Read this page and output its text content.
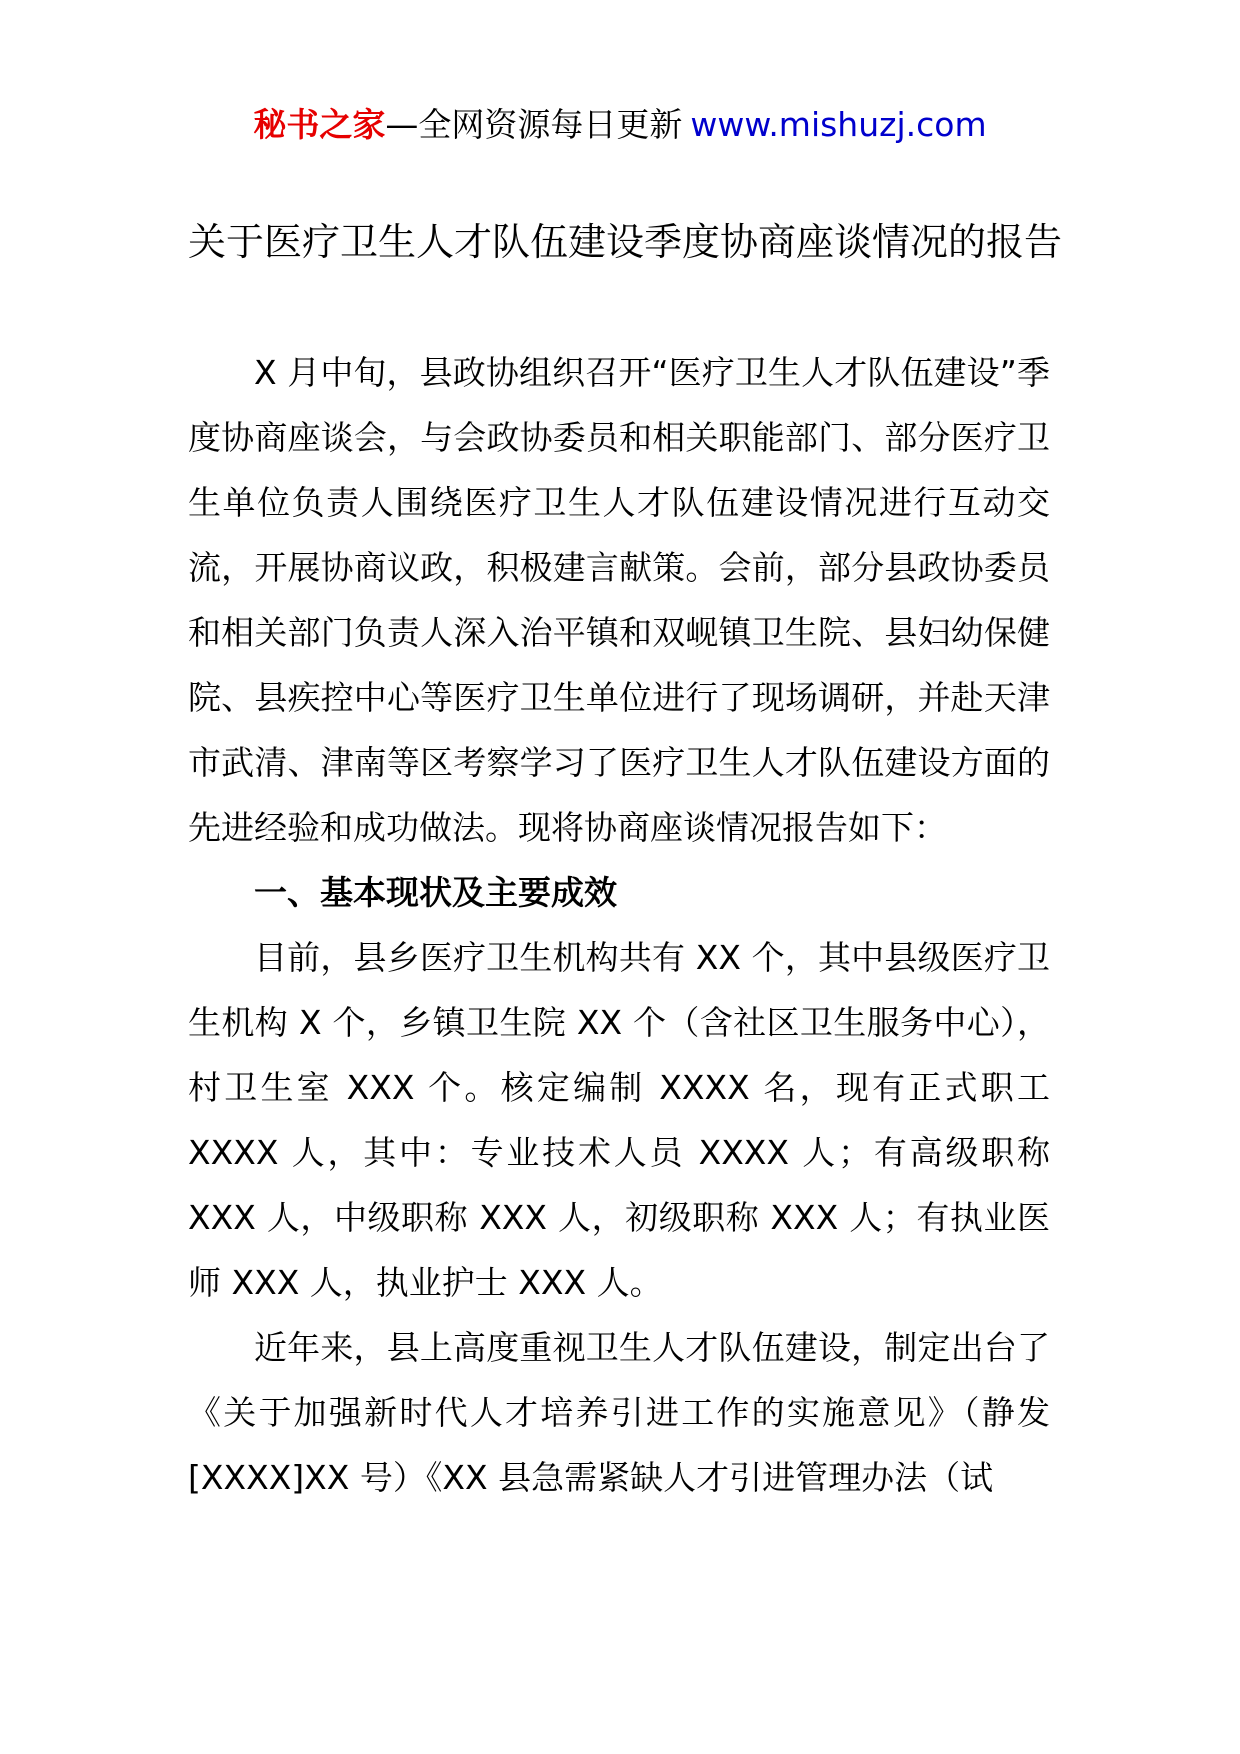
秘书之家—全网资源每日更新 www.mishuzj.com
关于医疗卫生人才队伍建设季度协商座谈情况的报告

X 月中旬，县政协组织召开“医疗卫生人才队伍建设”季度协商座谈会，与会政协委员和相关职能部门、部分医疗卫生单位负责人围绕医疗卫生人才队伍建设情况进行互动交流，开展协商议政，积极建言献策。会前，部分县政协委员和相关部门负责人深入治平镇和双岘镇卫生院、县妇幼保健院、县疾控中心等医疗卫生单位进行了现场调研，并赴天津市武清、津南等区考察学习了医疗卫生人才队伍建设方面的先进经验和成功做法。现将协商座谈情况报告如下：

一、基本现状及主要成效

目前，县乡医疗卫生机构共有 XX 个，其中县级医疗卫生机构 X 个，乡镇卫生院 XX 个（含社区卫生服务中心），村卫生室 XXX 个。核定编制 XXXX 名，现有正式职工 XXXX 人，其中：专业技术人员 XXXX 人；有高级职称 XXX 人，中级职称 XXX 人，初级职称 XXX 人；有执业医师 XXX 人，执业护士 XXX 人。

近年来，县上高度重视卫生人才队伍建设，制定出台了《关于加强新时代人才培养引进工作的实施意见》（静发[XXXX]XX 号）《XX 县急需紧缺人才引进管理办法（试
